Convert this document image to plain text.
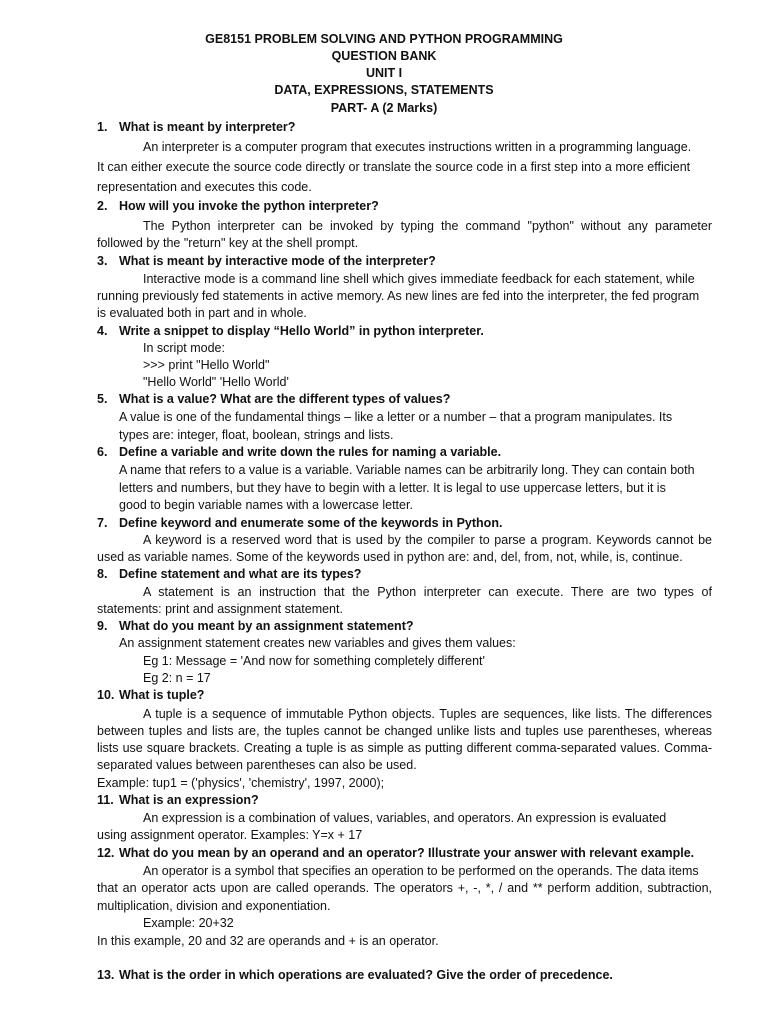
GE8151 PROBLEM SOLVING AND PYTHON PROGRAMMING
QUESTION BANK
UNIT I
DATA, EXPRESSIONS, STATEMENTS
PART- A (2 Marks)
1. What is meant by interpreter?
An interpreter is a computer program that executes instructions written in a programming language.
It can either execute the source code directly or translate the source code in a first step into a more efficient
representation and executes this code.
2. How will you invoke the python interpreter?
The Python interpreter can be invoked by typing the command "python" without any parameter
followed by the "return" key at the shell prompt.
3. What is meant by interactive mode of the interpreter?
Interactive mode is a command line shell which gives immediate feedback for each statement, while
running previously fed statements in active memory. As new lines are fed into the interpreter, the fed program
is evaluated both in part and in whole.
4. Write a snippet to display “Hello World” in python interpreter.
In script mode:
>>> print "Hello World"
"Hello World" 'Hello World'
5. What is a value? What are the different types of values?
A value is one of the fundamental things – like a letter or a number – that a program manipulates. Its
types are: integer, float, boolean, strings and lists.
6. Define a variable and write down the rules for naming a variable.
A name that refers to a value is a variable. Variable names can be arbitrarily long. They can contain both
letters and numbers, but they have to begin with a letter. It is legal to use uppercase letters, but it is
good to begin variable names with a lowercase letter.
7. Define keyword and enumerate some of the keywords in Python.
A keyword is a reserved word that is used by the compiler to parse a program. Keywords cannot be
used as variable names. Some of the keywords used in python are: and, del, from, not, while, is, continue.
8. Define statement and what are its types?
A statement is an instruction that the Python interpreter can execute. There are two types of
statements: print and assignment statement.
9. What do you meant by an assignment statement?
An assignment statement creates new variables and gives them values:
Eg 1: Message = 'And now for something completely different'
Eg 2: n = 17
10. What is tuple?
A tuple is a sequence of immutable Python objects. Tuples are sequences, like lists. The differences
between tuples and lists are, the tuples cannot be changed unlike lists and tuples use parentheses, whereas
lists use square brackets. Creating a tuple is as simple as putting different comma-separated values. Comma-
separated values between parentheses can also be used.
Example: tup1 = ('physics', 'chemistry', 1997, 2000);
11. What is an expression?
An expression is a combination of values, variables, and operators. An expression is evaluated
using assignment operator. Examples: Y=x + 17
12. What do you mean by an operand and an operator? Illustrate your answer with relevant example.
An operator is a symbol that specifies an operation to be performed on the operands. The data items
that an operator acts upon are called operands. The operators +, -, *, / and ** perform addition, subtraction,
multiplication, division and exponentiation.
Example: 20+32
In this example, 20 and 32 are operands and + is an operator.
13. What is the order in which operations are evaluated? Give the order of precedence.
